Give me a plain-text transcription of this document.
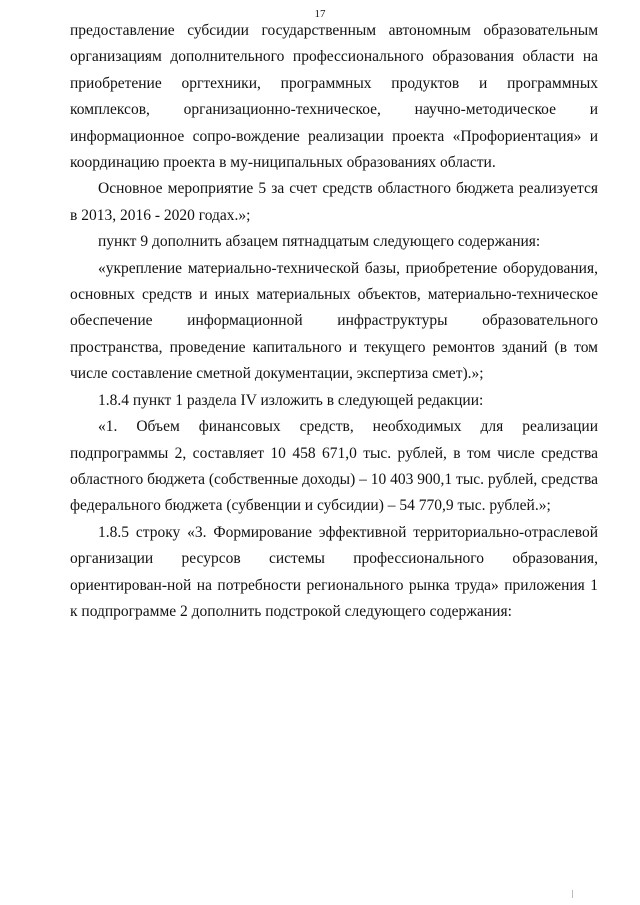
17

предоставление субсидии государственным автономным образовательным организациям дополнительного профессионального образования области на приобретение оргтехники, программных продуктов и программных комплексов, организационно-техническое, научно-методическое и информационное сопро-вождение реализации проекта «Профориентация» и координацию проекта в му-ниципальных образованиях области.

Основное мероприятие 5 за счет средств областного бюджета реализуется в 2013, 2016 - 2020 годах.»;

пункт 9 дополнить абзацем пятнадцатым следующего содержания:

«укрепление материально-технической базы, приобретение оборудования, основных средств и иных материальных объектов, материально-техническое обеспечение информационной инфраструктуры образовательного пространства, проведение капитального и текущего ремонтов зданий (в том числе составление сметной документации, экспертиза смет).»;

1.8.4 пункт 1 раздела IV изложить в следующей редакции:

«1. Объем финансовых средств, необходимых для реализации подпрограммы 2, составляет 10 458 671,0 тыс. рублей, в том числе средства областного бюджета (собственные доходы) – 10 403 900,1 тыс. рублей, средства федерального бюджета (субвенции и субсидии) – 54 770,9 тыс. рублей.»;

1.8.5 строку «3. Формирование эффективной территориально-отраслевой организации ресурсов системы профессионального образования, ориентирован-ной на потребности регионального рынка труда» приложения 1 к подпрограмме 2 дополнить подстрокой следующего содержания:
